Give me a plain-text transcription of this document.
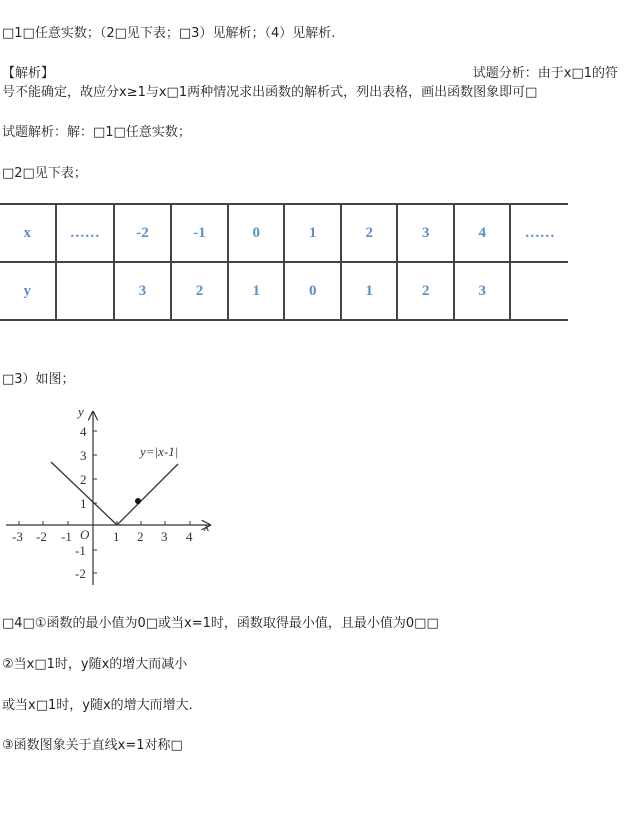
□1□任意实数；（2□见下表；□3）见解析；（4）见解析.
【解析】	试题分析：由于x□1的符
号不能确定，故应分x≥1与x□1两种情况求出函数的解析式，列出表格，画出函数图象即可□
试题解析：解：□1□任意实数；
□2□见下表；
x	……	-2	-1	0	1	2	3	4	……
y		3	2	1	0	1	2	3	
□3）如图；
y=|x-1|
x
y
O
-3 -2 -1	1 2 3 4
4
3
2
1
-1
-2
□4□①函数的最小值为0□或当x=1时，函数取得最小值，且最小值为0□□
②当x□1时，y随x的增大而减小
或当x□1时，y随x的增大而增大．
③函数图象关于直线x=1对称□
